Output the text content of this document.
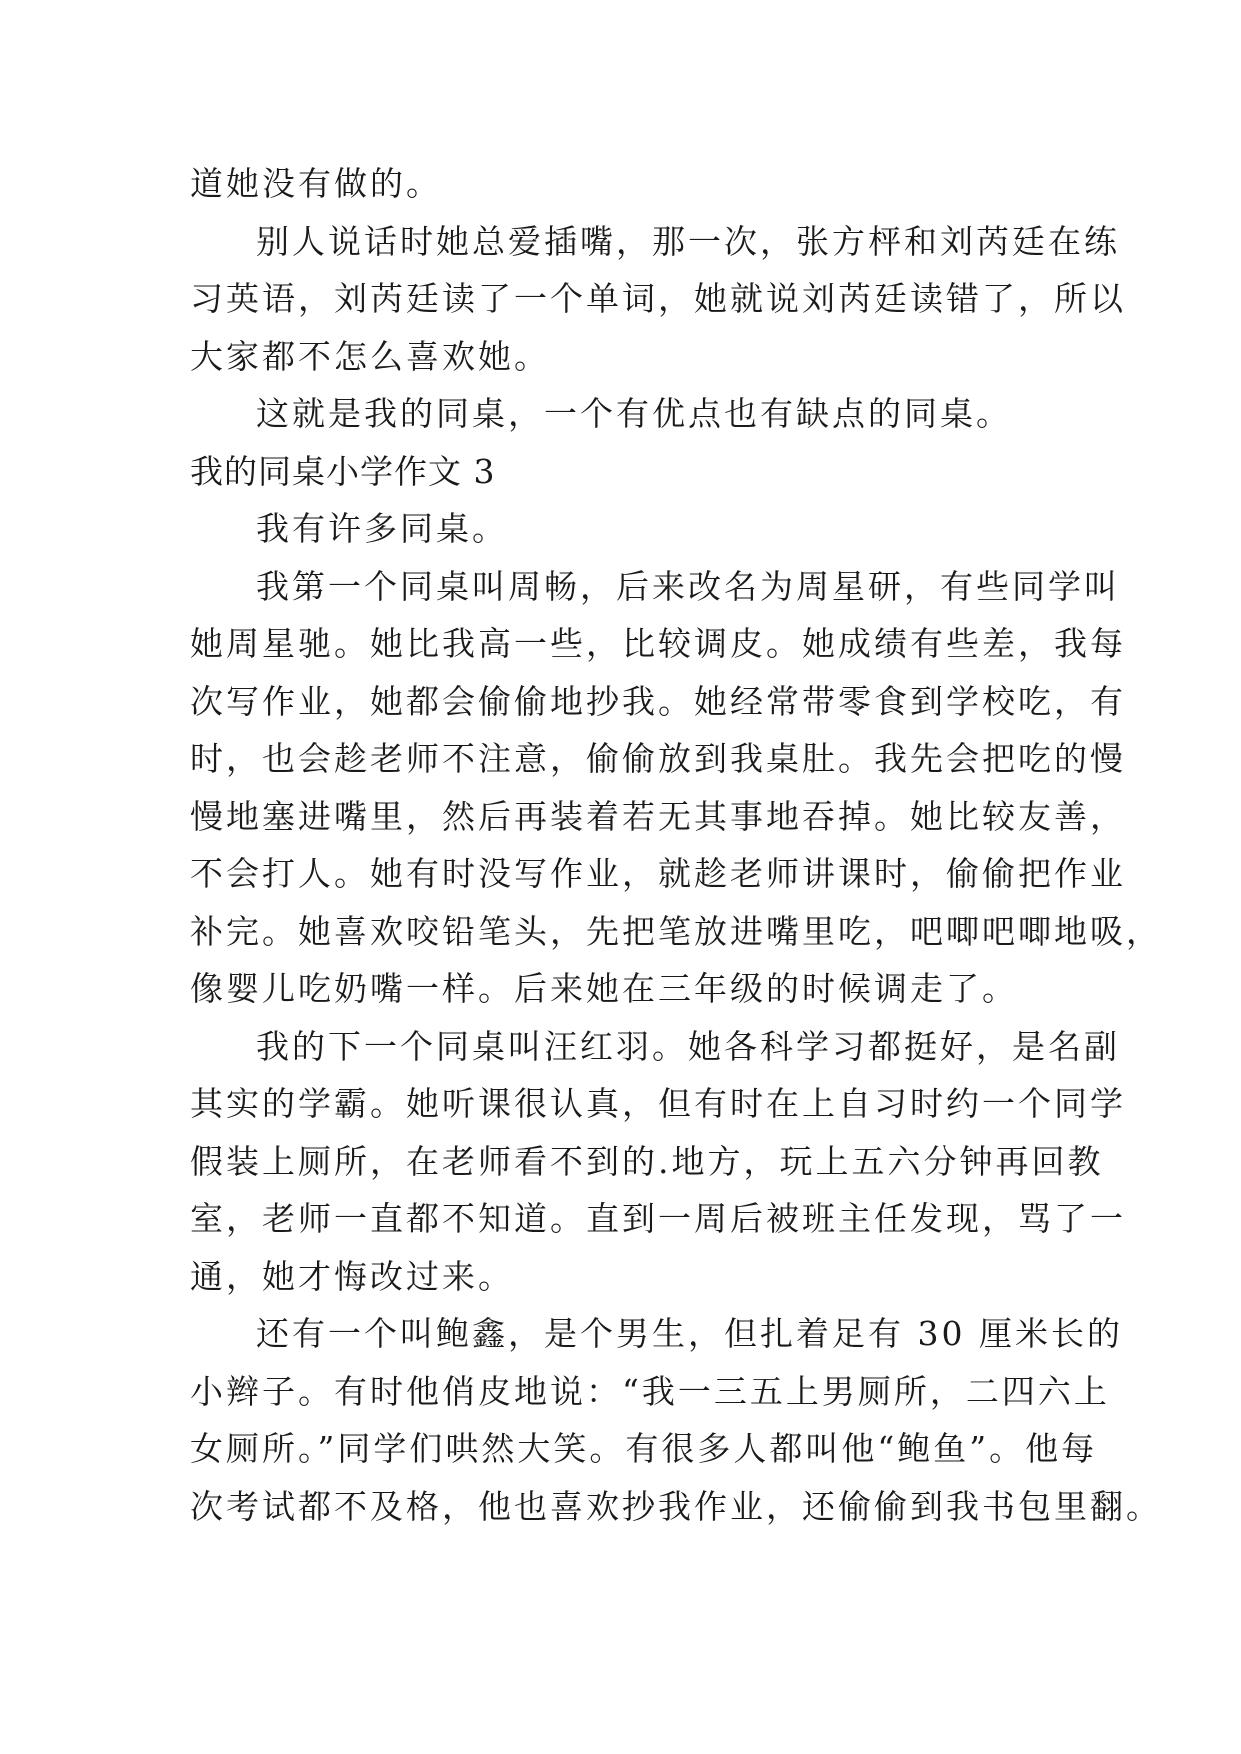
道她没有做的。
别人说话时她总爱插嘴，那一次，张方枰和刘芮廷在练
习英语，刘芮廷读了一个单词，她就说刘芮廷读错了，所以
大家都不怎么喜欢她。
这就是我的同桌，一个有优点也有缺点的同桌。
我的同桌小学作文 3
我有许多同桌。
我第一个同桌叫周畅，后来改名为周星研，有些同学叫
她周星驰。她比我高一些，比较调皮。她成绩有些差，我每
次写作业，她都会偷偷地抄我。她经常带零食到学校吃，有
时，也会趁老师不注意，偷偷放到我桌肚。我先会把吃的慢
慢地塞进嘴里，然后再装着若无其事地吞掉。她比较友善，
不会打人。她有时没写作业，就趁老师讲课时，偷偷把作业
补完。她喜欢咬铅笔头，先把笔放进嘴里吃，吧唧吧唧地吸，
像婴儿吃奶嘴一样。后来她在三年级的时候调走了。
我的下一个同桌叫汪红羽。她各科学习都挺好，是名副
其实的学霸。她听课很认真，但有时在上自习时约一个同学
假装上厕所，在老师看不到的.地方，玩上五六分钟再回教
室，老师一直都不知道。直到一周后被班主任发现，骂了一
通，她才悔改过来。
还有一个叫鲍鑫，是个男生，但扎着足有 30 厘米长的
小辫子。有时他俏皮地说：“我一三五上男厕所，二四六上
女厕所。”同学们哄然大笑。有很多人都叫他“鲍鱼”。他每
次考试都不及格，他也喜欢抄我作业，还偷偷到我书包里翻。
